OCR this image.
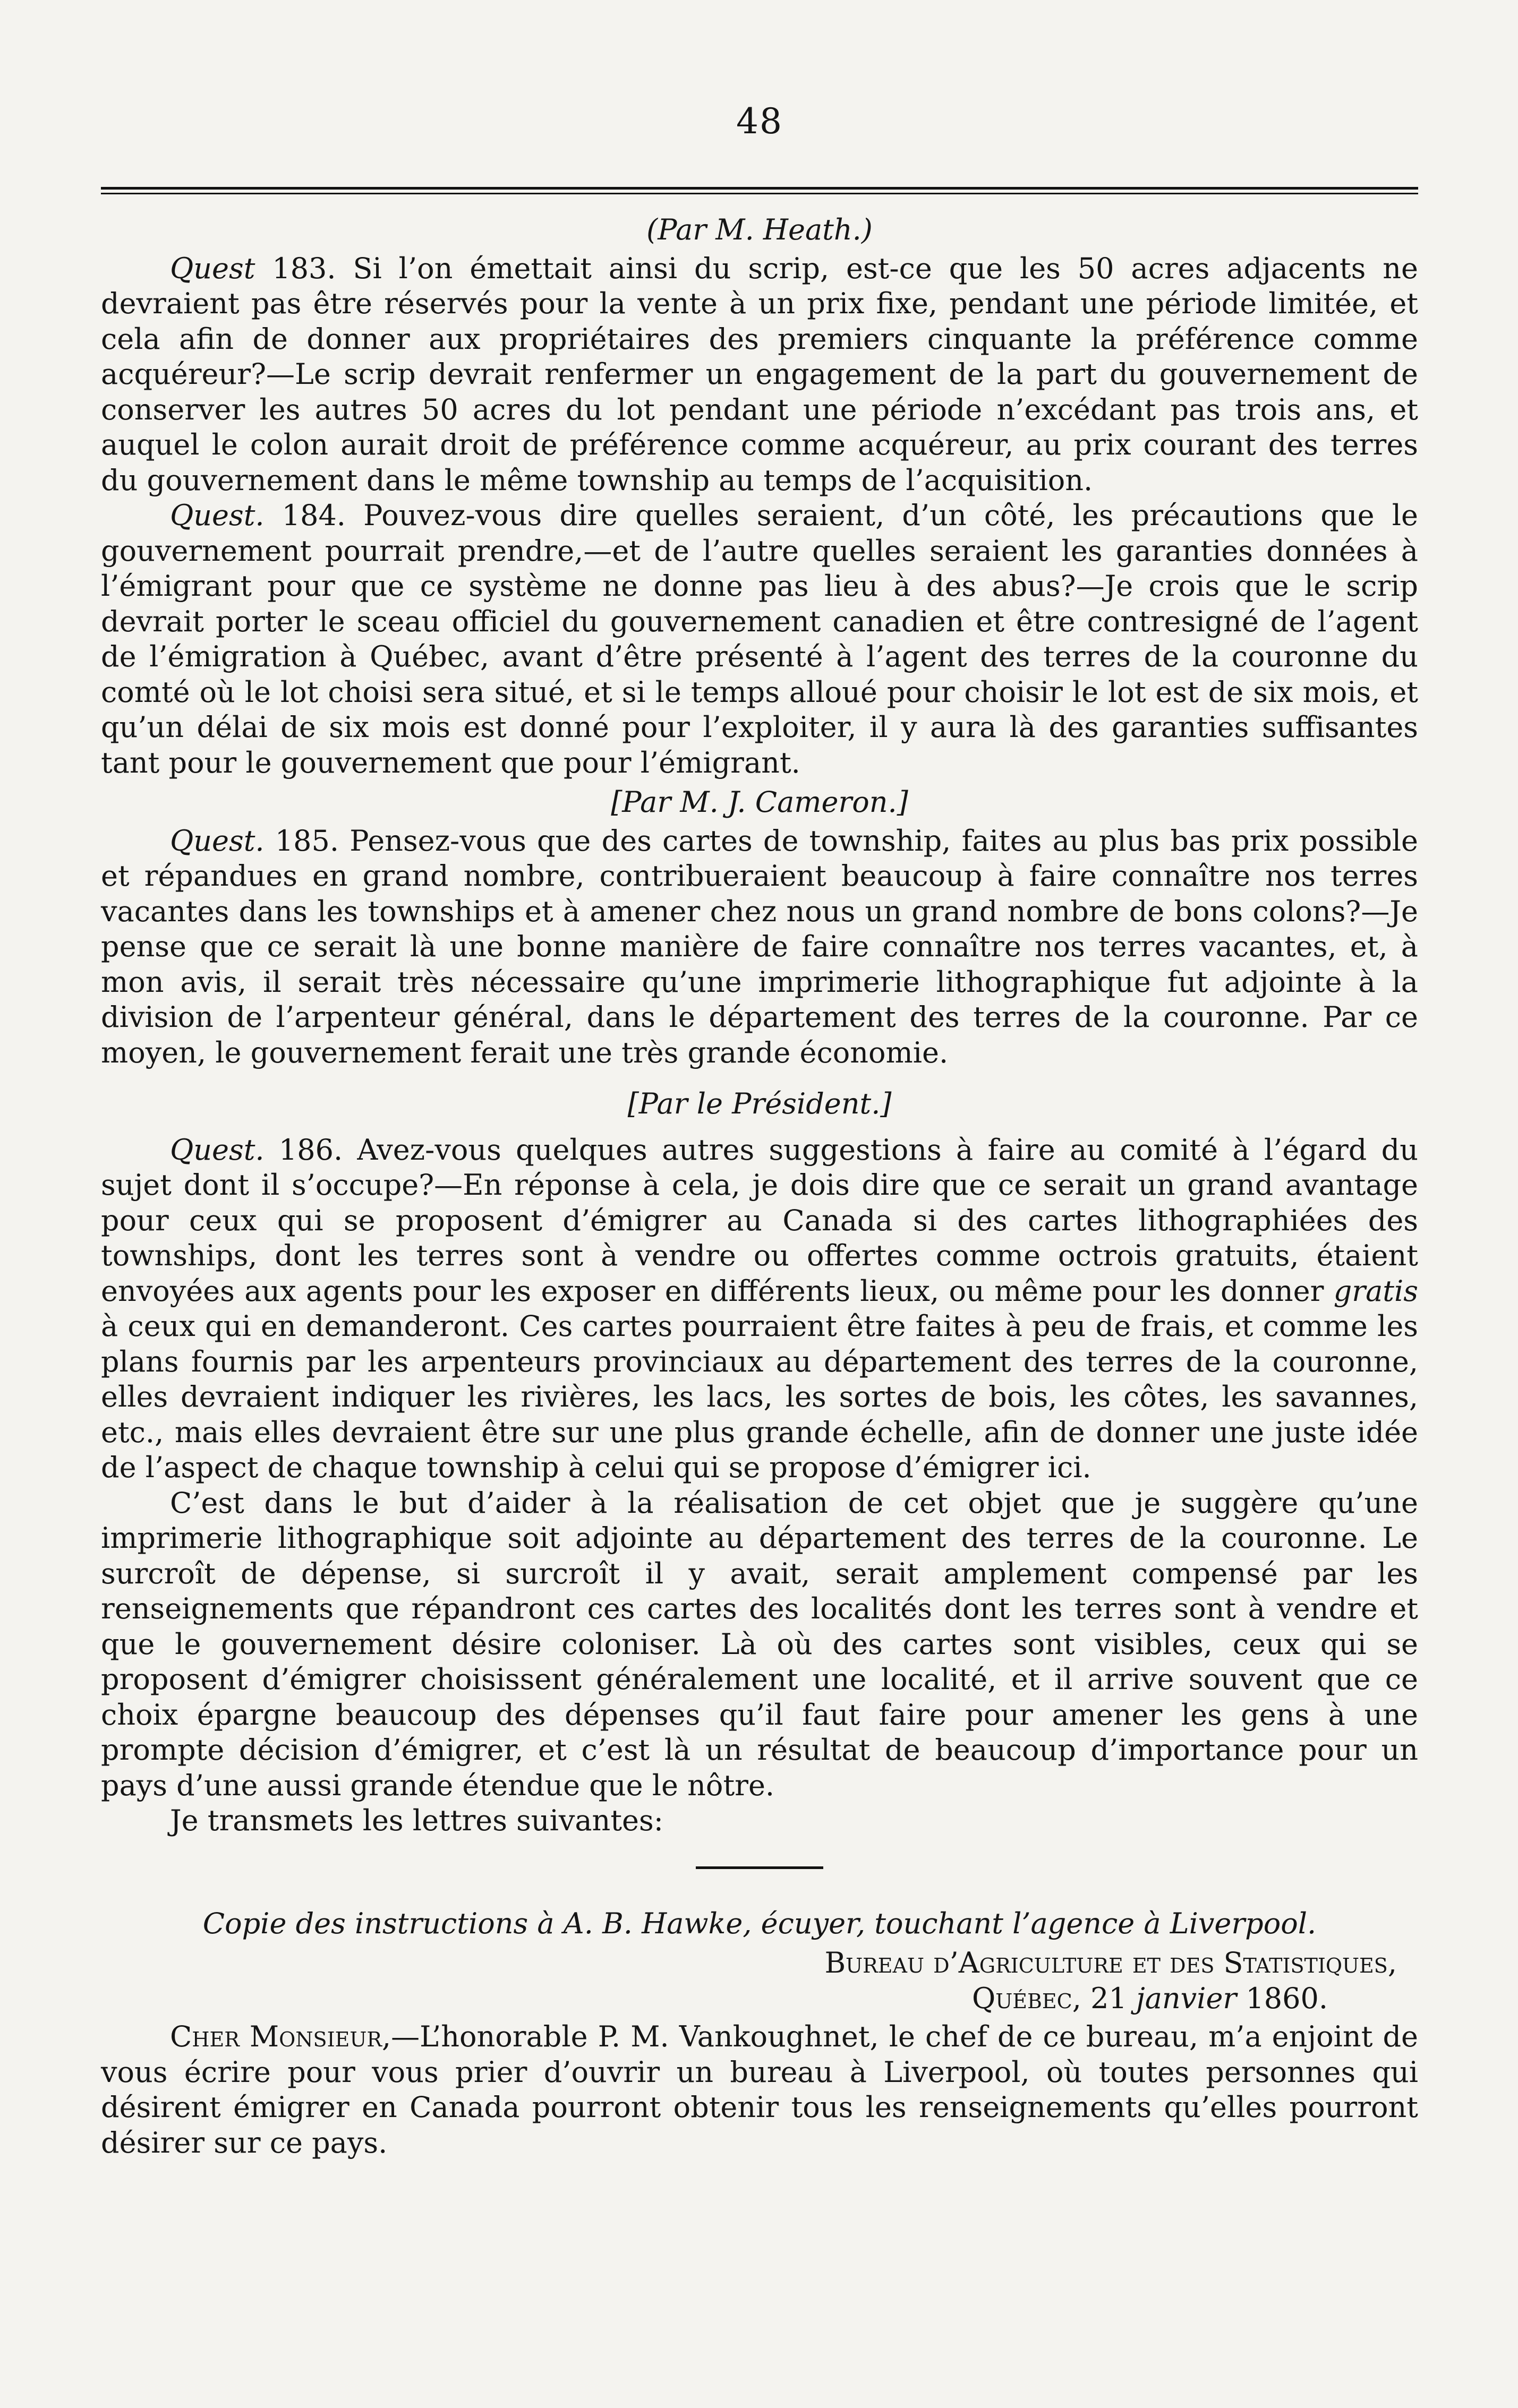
48
(Par M. Heath.)

Quest 183. Si l’on émettait ainsi du scrip, est-ce que les 50 acres adjacents ne devraient pas être réservés pour la vente à un prix fixe, pendant une période limitée, et cela afin de donner aux propriétaires des premiers cinquante la préférence comme acquéreur?—Le scrip devrait renfermer un engagement de la part du gouvernement de conserver les autres 50 acres du lot pendant une période n’excédant pas trois ans, et auquel le colon aurait droit de préférence comme acquéreur, au prix courant des terres du gouvernement dans le même township au temps de l’acquisition.

Quest. 184. Pouvez-vous dire quelles seraient, d’un côté, les précautions que le gouvernement pourrait prendre,—et de l’autre quelles seraient les garanties données à l’émigrant pour que ce système ne donne pas lieu à des abus?—Je crois que le scrip devrait porter le sceau officiel du gouvernement canadien et être contresigné de l’agent de l’émigration à Québec, avant d’être présenté à l’agent des terres de la couronne du comté où le lot choisi sera situé, et si le temps alloué pour choisir le lot est de six mois, et qu’un délai de six mois est donné pour l’exploiter, il y aura là des garanties suffisantes tant pour le gouvernement que pour l’émigrant.

[Par M. J. Cameron.]

Quest. 185. Pensez-vous que des cartes de township, faites au plus bas prix possible et répandues en grand nombre, contribueraient beaucoup à faire connaître nos terres vacantes dans les townships et à amener chez nous un grand nombre de bons colons?—Je pense que ce serait là une bonne manière de faire connaître nos terres vacantes, et, à mon avis, il serait très nécessaire qu’une imprimerie lithographique fut adjointe à la division de l’arpenteur général, dans le département des terres de la couronne. Par ce moyen, le gouvernement ferait une très grande économie.

[Par le Président.]

Quest. 186. Avez-vous quelques autres suggestions à faire au comité à l’égard du sujet dont il s’occupe?—En réponse à cela, je dois dire que ce serait un grand avantage pour ceux qui se proposent d’émigrer au Canada si des cartes lithographiées des townships, dont les terres sont à vendre ou offertes comme octrois gratuits, étaient envoyées aux agents pour les exposer en différents lieux, ou même pour les donner gratis à ceux qui en demanderont. Ces cartes pourraient être faites à peu de frais, et comme les plans fournis par les arpenteurs provinciaux au département des terres de la couronne, elles devraient indiquer les rivières, les lacs, les sortes de bois, les côtes, les savannes, etc., mais elles devraient être sur une plus grande échelle, afin de donner une juste idée de l’aspect de chaque township à celui qui se propose d’émigrer ici.

C’est dans le but d’aider à la réalisation de cet objet que je suggère qu’une imprimerie lithographique soit adjointe au département des terres de la couronne. Le surcroît de dépense, si surcroît il y avait, serait amplement compensé par les renseignements que répandront ces cartes des localités dont les terres sont à vendre et que le gouvernement désire coloniser. Là où des cartes sont visibles, ceux qui se proposent d’émigrer choisissent généralement une localité, et il arrive souvent que ce choix épargne beaucoup des dépenses qu’il faut faire pour amener les gens à une prompte décision d’émigrer, et c’est là un résultat de beaucoup d’importance pour un pays d’une aussi grande étendue que le nôtre.

Je transmets les lettres suivantes:

Copie des instructions à A. B. Hawke, écuyer, touchant l’agence à Liverpool.

Bureau d’Agriculture et des Statistiques,

Québec, 21 janvier 1860.

Cher Monsieur,—L’honorable P. M. Vankoughnet, le chef de ce bureau, m’a enjoint de vous écrire pour vous prier d’ouvrir un bureau à Liverpool, où toutes personnes qui désirent émigrer en Canada pourront obtenir tous les renseignements qu’elles pourront désirer sur ce pays.
